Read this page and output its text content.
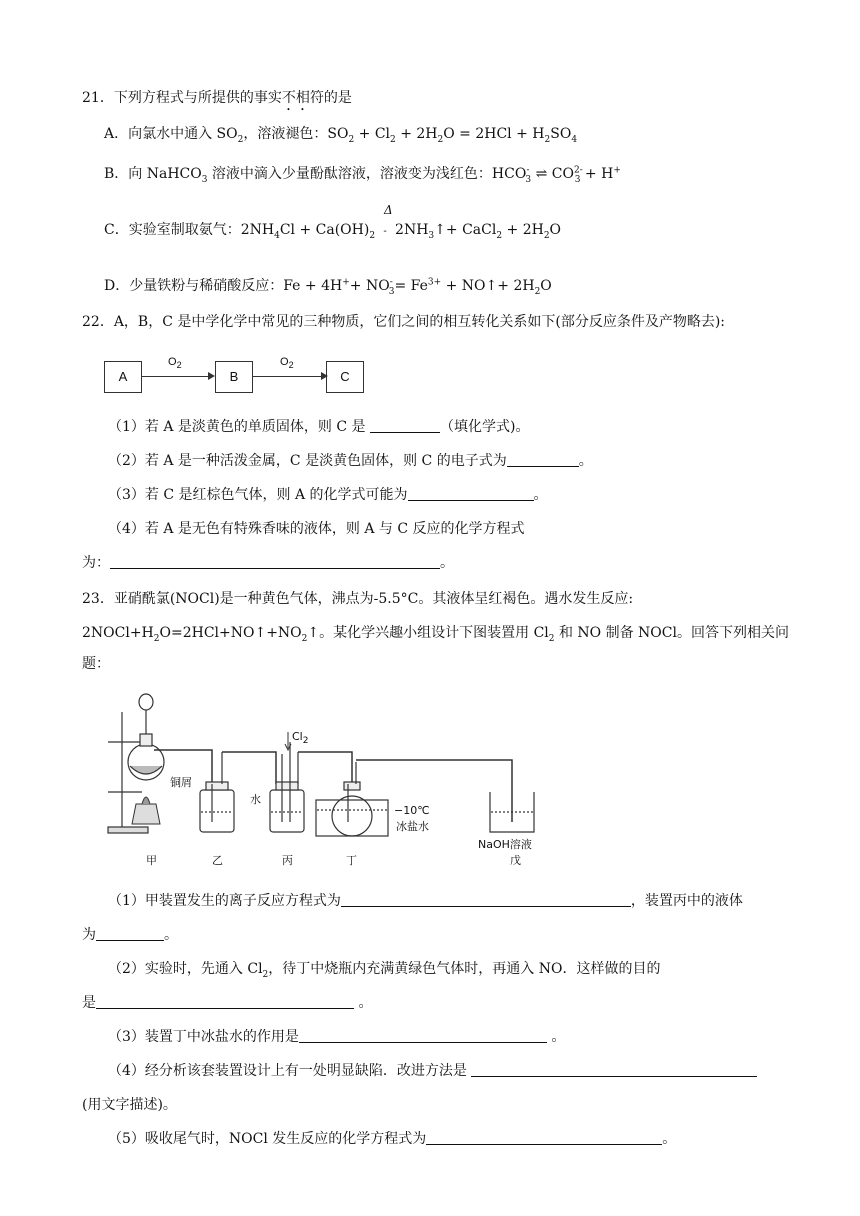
21．下列方程式与所提供的事实不相符的是
A．向氯水中通入 $SO_2$，溶液褪色：$SO_2 + Cl_2 + 2H_2O = 2HCl + H_2SO_4$
B．向 NaHCO$_3$ 溶液中滴入少量酚酞溶液，溶液变为浅红色：$HCO^-_3$ ⇌ $CO^{2-}_3 + H^+$
Δ
C．实验室制取氨气：$2NH_4Cl + Ca(OH)_2$ - $2NH_3↑+$ CaCl$_2$ + $2H_2O$
D．少量铁粉与稀硝酸反应：$Fe + 4H^++ NO^-_3= Fe^{3+}$ + NO↑+ $2H_2O$
22．A，B，C 是中学化学中常见的三种物质，它们之间的相互转化关系如下(部分反应条件及产物略去):
A
$O_2$
B
$O_2$
C
（1）若 A 是淡黄色的单质固体，则 C 是	（填化学式)。
（2）若 A 是一种活泼金属，C 是淡黄色固体，则 C 的电子式为	。
（3）若 C 是红棕色气体，则 A 的化学式可能为	。
（4）若 A 是无色有特殊香味的液体，则 A 与 C 反应的化学方程式
为：	。
23．亚硝酰氯(NOCl)是一种黄色气体，沸点为-5.5°C。其液体呈红褐色。遇水发生反应:
$2NOCl+H_2O=2HCl+NO↑+NO_2↑$。某化学兴趣小组设计下图装置用 $Cl_2$ 和 NO 制备 NOCl。回答下列相关问
题：
$Cl_2$
铜屑
水
−10℃
冰盐水
NaOH溶液
甲	乙	丙	丁	戊
（1）甲装置发生的离子反应方程式为	，装置丙中的液体
为	。
（2）实验时，先通入 $Cl_2$，待丁中烧瓶内充满黄绿色气体时，再通入 NO．这样做的目的
是	。
（3）装置丁中冰盐水的作用是	。
（4）经分析该套装置设计上有一处明显缺陷．改进方法是
(用文字描述)。
（5）吸收尾气时，NOCl 发生反应的化学方程式为	。
